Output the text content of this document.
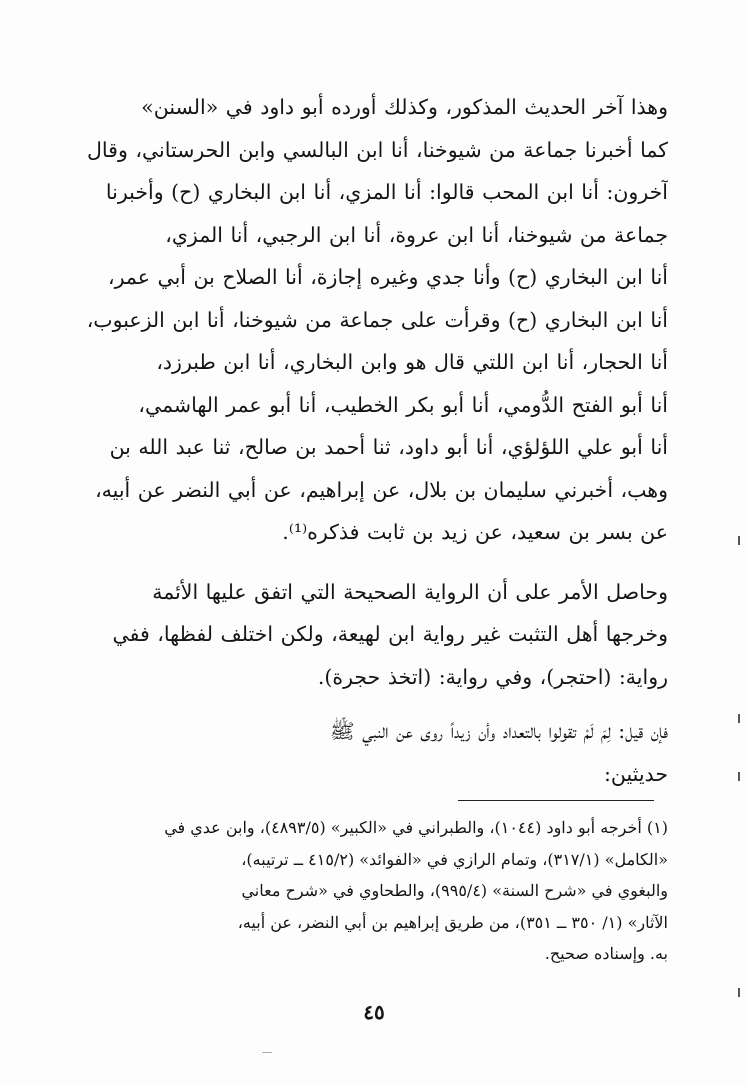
وهذا آخر الحديث المذكور، وكذلك أورده أبو داود في «السنن»
كما أخبرنا جماعة من شيوخنا، أنا ابن البالسي وابن الحرستاني، وقال
آخرون: أنا ابن المحب قالوا: أنا المزي، أنا ابن البخاري (ح) وأخبرنا
جماعة من شيوخنا، أنا ابن عروة، أنا ابن الرجبي، أنا المزي،
أنا ابن البخاري (ح) وأنا جدي وغيره إجازة، أنا الصلاح بن أبي عمر،
أنا ابن البخاري (ح) وقرأت على جماعة من شيوخنا، أنا ابن الزعبوب،
أنا الحجار، أنا ابن اللتي قال هو وابن البخاري، أنا ابن طبرزد،
أنا أبو الفتح الدُّومي، أنا أبو بكر الخطيب، أنا أبو عمر الهاشمي،
أنا أبو علي اللؤلؤي، أنا أبو داود، ثنا أحمد بن صالح، ثنا عبد الله بن
وهب، أخبرني سليمان بن بلال، عن إبراهيم، عن أبي النضر عن أبيه،
عن بسر بن سعيد، عن زيد بن ثابت فذكره⁽¹⁾.

وحاصل الأمر على أن الرواية الصحيحة التي اتفق عليها الأئمة
وخرجها أهل التثبت غير رواية ابن لهيعة، ولكن اختلف لفظها، ففي
رواية: (احتجر)، وفي رواية: (اتخذ حجرة).

فإن قيل: لِمَ لَمْ تقولوا بالتعداد وأن زيداً روى عن النبي ﷺ
حديثين:

(١) أخرجه أبو داود (١٠٤٤)، والطبراني في «الكبير» (٤٨٩٣/٥)، وابن عدي في
«الكامل» (٣١٧/١)، وتمام الرازي في «الفوائد» (٤١٥/٢ ــ ترتيبه)،
والبغوي في «شرح السنة» (٩٩٥/٤)، والطحاوي في «شرح معاني
الآثار» (١/ ٣٥٠ ــ ٣٥١)، من طريق إبراهيم بن أبي النضر، عن أبيه،
به. وإسناده صحيح.
٤٥
